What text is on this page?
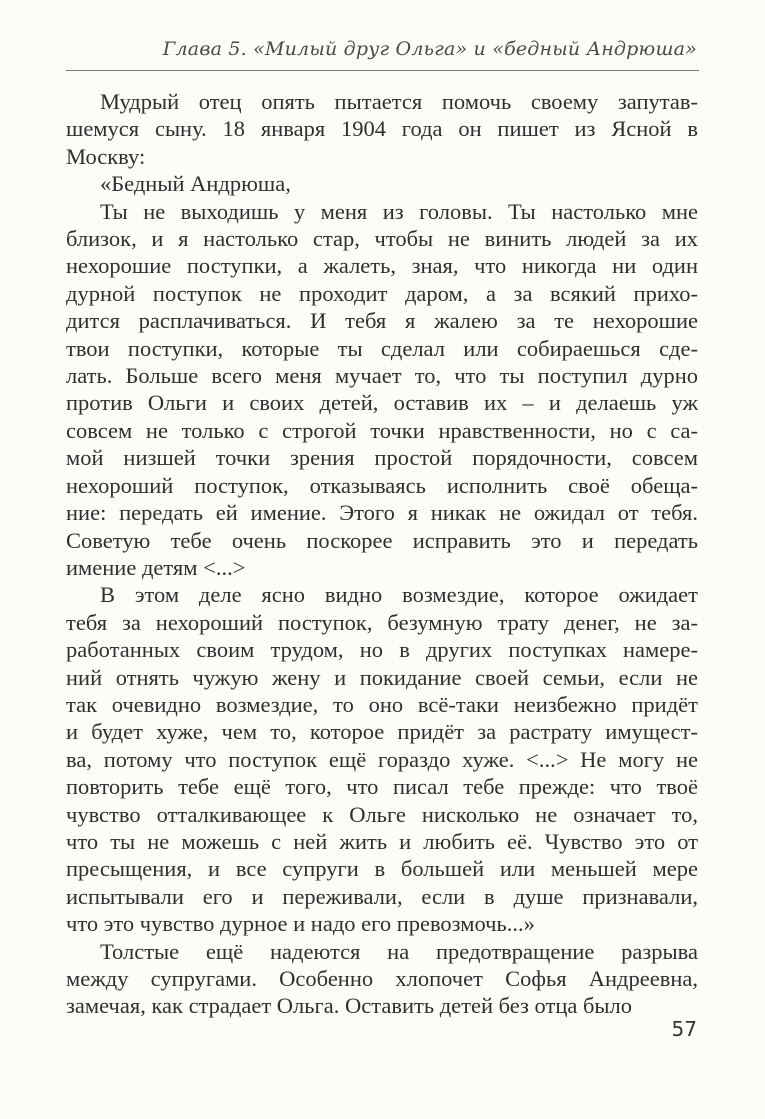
Глава 5. «Милый друг Ольга» и «бедный Андрюша»
Мудрый отец опять пытается помочь своему запутав-
шемуся сыну. 18 января 1904 года он пишет из Ясной в
Москву:
«Бедный Андрюша,
Ты не выходишь у меня из головы. Ты настолько мне
близок, и я настолько стар, чтобы не винить людей за их
нехорошие поступки, а жалеть, зная, что никогда ни один
дурной поступок не проходит даром, а за всякий прихо-
дится расплачиваться. И тебя я жалею за те нехорошие
твои поступки, которые ты сделал или собираешься сде-
лать. Больше всего меня мучает то, что ты поступил дурно
против Ольги и своих детей, оставив их – и делаешь уж
совсем не только с строгой точки нравственности, но с са-
мой низшей точки зрения простой порядочности, совсем
нехороший поступок, отказываясь исполнить своё обеща-
ние: передать ей имение. Этого я никак не ожидал от тебя.
Советую тебе очень поскорее исправить это и передать
имение детям <...>
В этом деле ясно видно возмездие, которое ожидает
тебя за нехороший поступок, безумную трату денег, не за-
работанных своим трудом, но в других поступках намере-
ний отнять чужую жену и покидание своей семьи, если не
так очевидно возмездие, то оно всё-таки неизбежно придёт
и будет хуже, чем то, которое придёт за растрату имущест-
ва, потому что поступок ещё гораздо хуже. <...> Не могу не
повторить тебе ещё того, что писал тебе прежде: что твоё
чувство отталкивающее к Ольге нисколько не означает то,
что ты не можешь с ней жить и любить её. Чувство это от
пресыщения, и все супруги в большей или меньшей мере
испытывали его и переживали, если в душе признавали,
что это чувство дурное и надо его превозмочь...»
Толстые ещё надеются на предотвращение разрыва
между супругами. Особенно хлопочет Софья Андреевна,
замечая, как страдает Ольга. Оставить детей без отца было
57
